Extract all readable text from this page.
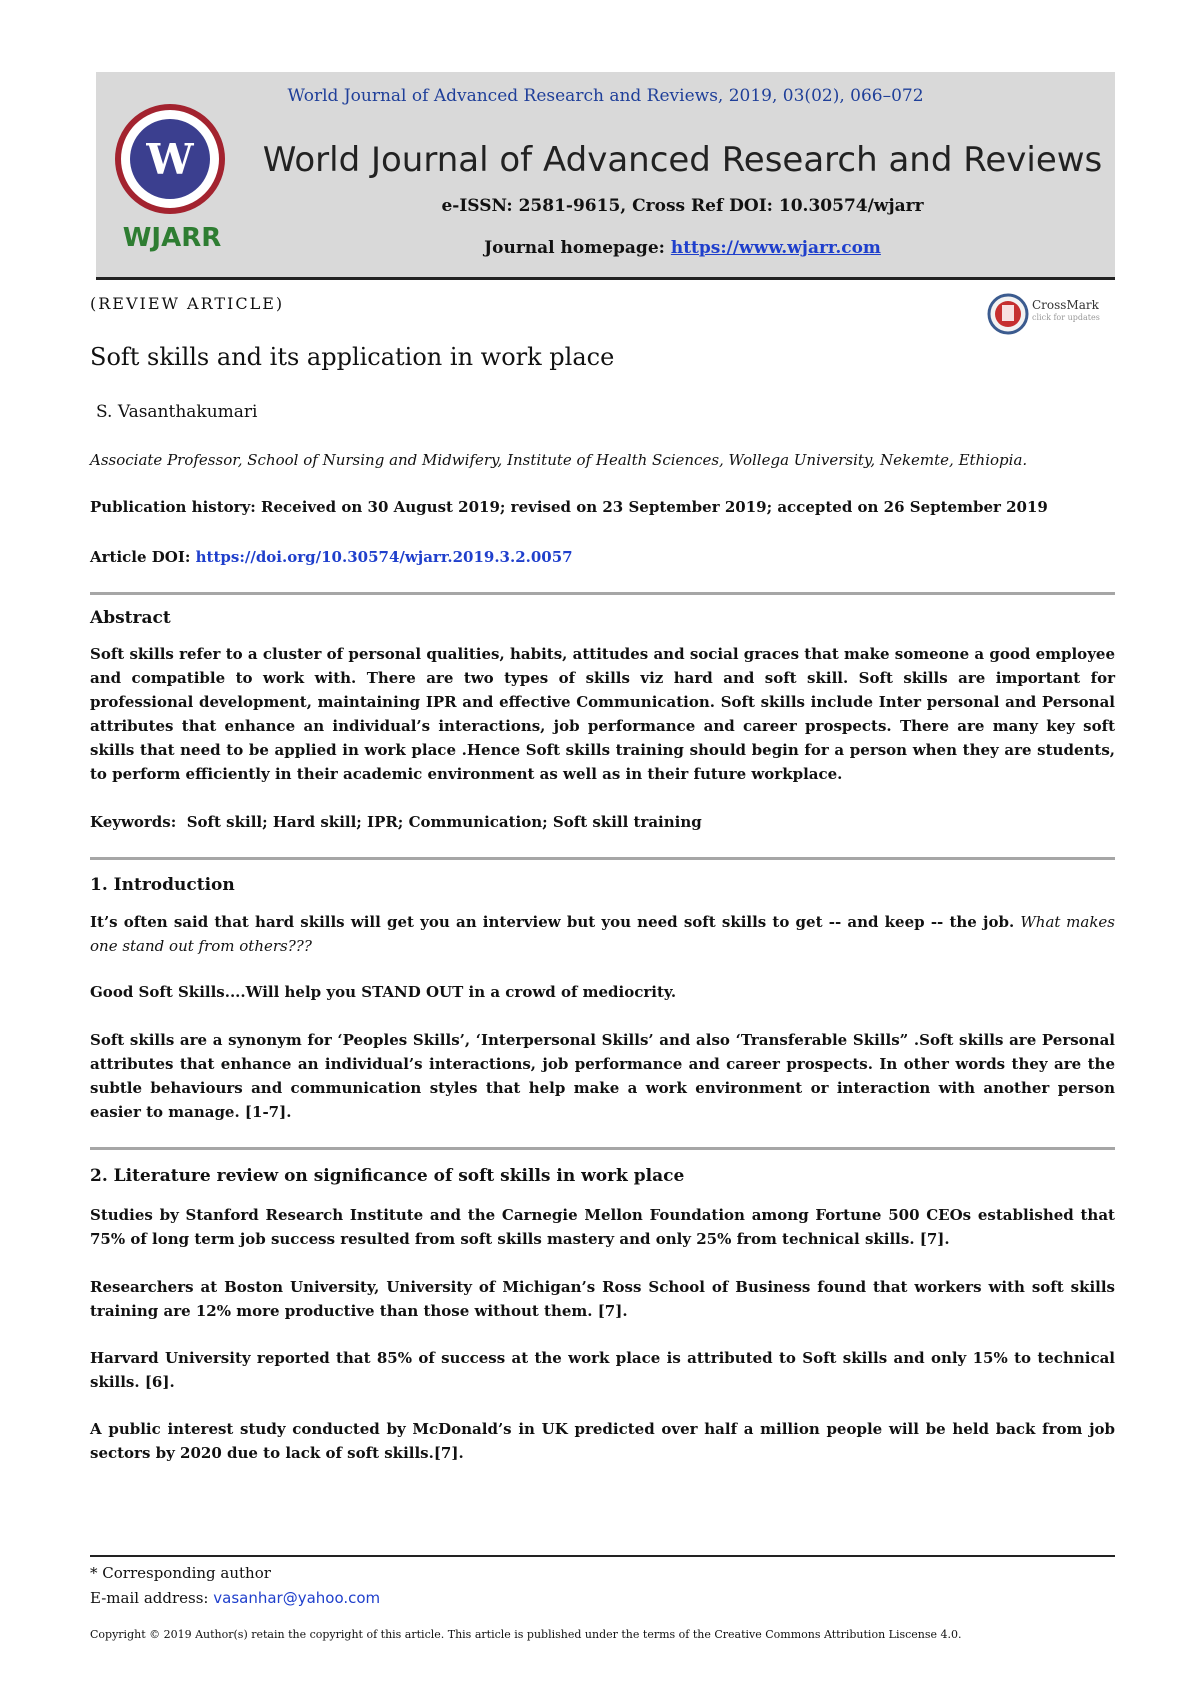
World Journal of Advanced Research and Reviews, 2019, 03(02), 066–072
W
WJARR
World Journal of Advanced Research and Reviews
e-ISSN: 2581-9615, Cross Ref DOI: 10.30574/wjarr
Journal homepage: https://www.wjarr.com
(REVIEW ARTICLE)	CrossMark
click for updates
Soft skills and its application in work place
S. Vasanthakumari
Associate Professor, School of Nursing and Midwifery, Institute of Health Sciences, Wollega University, Nekemte, Ethiopia.
Publication history: Received on 30 August 2019; revised on 23 September 2019; accepted on 26 September 2019
Article DOI: https://doi.org/10.30574/wjarr.2019.3.2.0057
Abstract

Soft skills refer to a cluster of personal qualities, habits, attitudes and social graces that make someone a good employee and compatible to work with. There are two types of skills viz hard and soft skill. Soft skills are important for professional development, maintaining IPR and effective Communication. Soft skills include Inter personal and Personal attributes that enhance an individual’s interactions, job performance and career prospects. There are many key soft skills that need to be applied in work place .Hence Soft skills training should begin for a person when they are students, to perform efficiently in their academic environment as well as in their future workplace.

Keywords: Soft skill; Hard skill; IPR; Communication; Soft skill training
1. Introduction

It’s often said that hard skills will get you an interview but you need soft skills to get -- and keep -- the job. What makes one stand out from others???

Good Soft Skills....Will help you STAND OUT in a crowd of mediocrity.

Soft skills are a synonym for ‘Peoples Skills’, ‘Interpersonal Skills’ and also ‘Transferable Skills” .Soft skills are Personal attributes that enhance an individual’s interactions, job performance and career prospects. In other words they are the subtle behaviours and communication styles that help make a work environment or interaction with another person easier to manage. [1-7].

2. Literature review on significance of soft skills in work place

Studies by Stanford Research Institute and the Carnegie Mellon Foundation among Fortune 500 CEOs established that 75% of long term job success resulted from soft skills mastery and only 25% from technical skills. [7].

Researchers at Boston University, University of Michigan’s Ross School of Business found that workers with soft skills training are 12% more productive than those without them. [7].

Harvard University reported that 85% of success at the work place is attributed to Soft skills and only 15% to technical skills. [6].

A public interest study conducted by McDonald’s in UK predicted over half a million people will be held back from job sectors by 2020 due to lack of soft skills.[7].

* Corresponding author
E-mail address: vasanhar@yahoo.com
Copyright © 2019 Author(s) retain the copyright of this article. This article is published under the terms of the Creative Commons Attribution Liscense 4.0.
